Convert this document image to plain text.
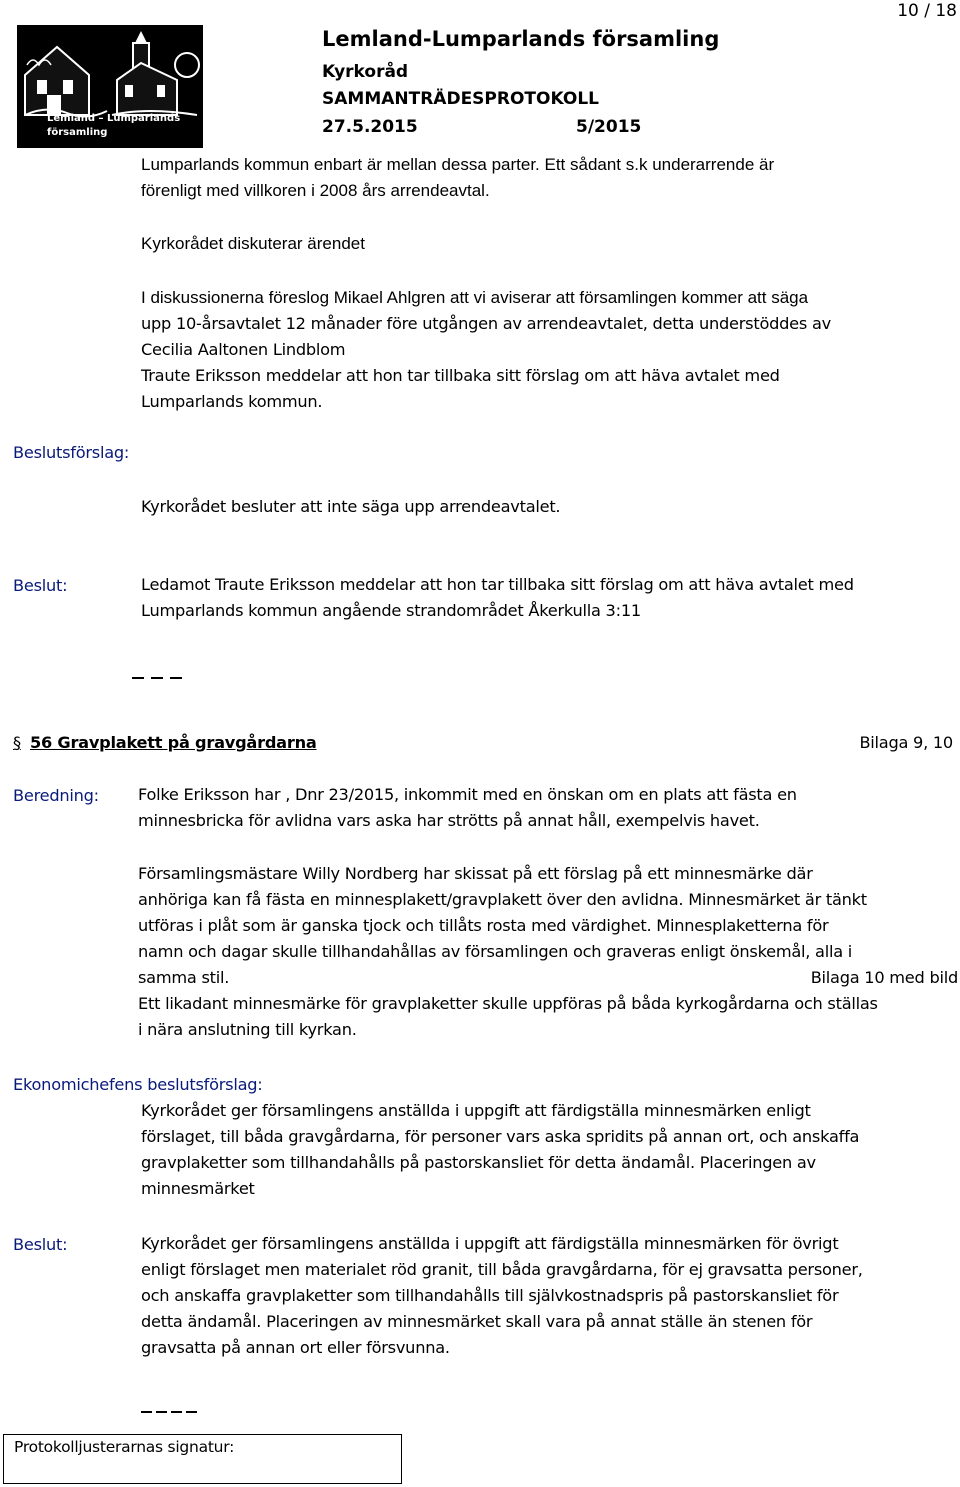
Lemland – Lumparlands
församling
Lemland-Lumparlands församling
Kyrkoråd
SAMMANTRÄDESPROTOKOLL
27.5.2015	5/2015
10 / 18
Lumparlands kommun enbart är mellan dessa parter. Ett sådant s.k underarrende är
förenligt med villkoren i 2008 års arrendeavtal.
Kyrkorådet diskuterar ärendet
I diskussionerna föreslog Mikael Ahlgren att vi aviserar att församlingen kommer att säga
upp 10-årsavtalet 12 månader före utgången av arrendeavtalet, detta understöddes av
Cecilia Aaltonen Lindblom
Traute Eriksson meddelar att hon tar tillbaka sitt förslag om att häva avtalet med
Lumparlands kommun.
Beslutsförslag:
Kyrkorådet besluter att inte säga upp arrendeavtalet.
Beslut:	Ledamot Traute Eriksson meddelar att hon tar tillbaka sitt förslag om att häva avtalet med
Lumparlands kommun angående strandområdet Åkerkulla 3:11
§ 56 Gravplakett på gravgårdarna	Bilaga 9, 10
Beredning: Folke Eriksson har , Dnr 23/2015, inkommit med en önskan om en plats att fästa en
minnesbricka för avlidna vars aska har strötts på annat håll, exempelvis havet.
Församlingsmästare Willy Nordberg har skissat på ett förslag på ett minnesmärke där
anhöriga kan få fästa en minnesplakett/gravplakett över den avlidna. Minnesmärket är tänkt
utföras i plåt som är ganska tjock och tillåts rosta med värdighet. Minnesplaketterna för
namn och dagar skulle tillhandahållas av församlingen och graveras enligt önskemål, alla i
samma stil.	Bilaga 10 med bild
Ett likadant minnesmärke för gravplaketter skulle uppföras på båda kyrkogårdarna och ställas
i nära anslutning till kyrkan.
Ekonomichefens beslutsförslag:
Kyrkorådet ger församlingens anställda i uppgift att färdigställa minnesmärken enligt
förslaget, till båda gravgårdarna, för personer vars aska spridits på annan ort, och anskaffa
gravplaketter som tillhandahålls på pastorskansliet för detta ändamål. Placeringen av
minnesmärket
Beslut:	Kyrkorådet ger församlingens anställda i uppgift att färdigställa minnesmärken för övrigt
enligt förslaget men materialet röd granit, till båda gravgårdarna, för ej gravsatta personer,
och anskaffa gravplaketter som tillhandahålls till självkostnadspris på pastorskansliet för
detta ändamål. Placeringen av minnesmärket skall vara på annat ställe än stenen för
gravsatta på annan ort eller försvunna.
Protokolljusterarnas signatur:
